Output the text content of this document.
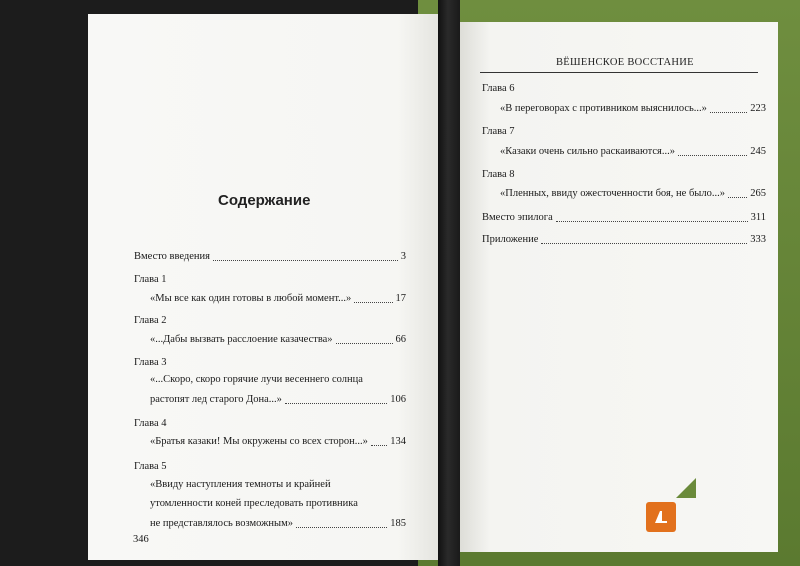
Содержание
Вместо введения	3
Глава 1
«Мы все как один готовы в любой момент...»	17
Глава 2
«...Дабы вызвать расслоение казачества»	66
Глава 3
«...Скоро, скоро горячие лучи весеннего солнца
растопят лед старого Дона...»	106
Глава 4
«Братья казаки! Мы окружены со всех сторон...» 134
Глава 5
«Ввиду наступления темноты и крайней
утомленности коней преследовать противника
не представлялось возможным»	185
346
ВЁШЕНСКОЕ ВОССТАНИЕ
Глава 6
«В переговорах с противником выяснилось...»	223
Глава 7
«Казаки очень сильно раскаиваются...»	245
Глава 8
«Пленных, ввиду ожесточенности боя, не было...» 265
Вместо эпилога	311
Приложение	333
